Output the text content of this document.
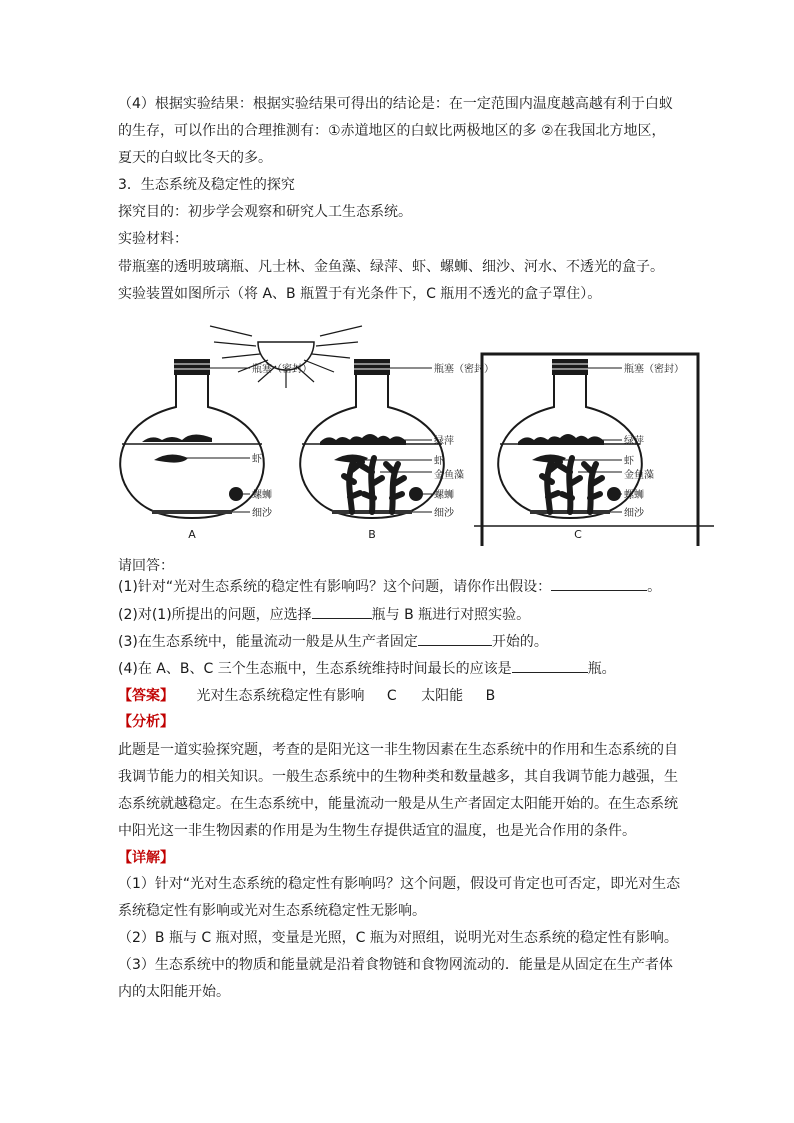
（4）根据实验结果：根据实验结果可得出的结论是：在一定范围内温度越高越有利于白蚁
的生存，可以作出的合理推测有：①赤道地区的白蚁比两极地区的多 ②在我国北方地区，
夏天的白蚁比冬天的多。
3．生态系统及稳定性的探究
探究目的：初步学会观察和研究人工生态系统。
实验材料：
带瓶塞的透明玻璃瓶、凡士林、金鱼藻、绿萍、虾、螺蛳、细沙、河水、不透光的盒子。
实验装置如图所示（将 A、B 瓶置于有光条件下，C 瓶用不透光的盒子罩住）。
瓶塞（密封）
虾
螺蛳
细沙
瓶塞（密封）
绿萍
虾
金鱼藻
螺蛳
细沙
瓶塞（密封）
绿萍
虾
金鱼藻
螺蛳
细沙
A	B	C
请回答：
(1)针对“光对生态系统的稳定性有影响吗？这个问题，请你作出假设：	。
(2)对(1)所提出的问题，应选择	瓶与 B 瓶进行对照实验。
(3)在生态系统中，能量流动一般是从生产者固定	开始的。
(4)在 A、B、C 三个生态瓶中，生态系统维持时间最长的应该是	瓶。
【答案】 光对生态系统稳定性有影响 C 太阳能 B
【分析】
此题是一道实验探究题，考查的是阳光这一非生物因素在生态系统中的作用和生态系统的自
我调节能力的相关知识。一般生态系统中的生物种类和数量越多，其自我调节能力越强，生
态系统就越稳定。在生态系统中，能量流动一般是从生产者固定太阳能开始的。在生态系统
中阳光这一非生物因素的作用是为生物生存提供适宜的温度，也是光合作用的条件。
【详解】
（1）针对“光对生态系统的稳定性有影响吗？这个问题，假设可肯定也可否定，即光对生态
系统稳定性有影响或光对生态系统稳定性无影响。
（2）B 瓶与 C 瓶对照，变量是光照，C 瓶为对照组，说明光对生态系统的稳定性有影响。
（3）生态系统中的物质和能量就是沿着食物链和食物网流动的．能量是从固定在生产者体
内的太阳能开始。
